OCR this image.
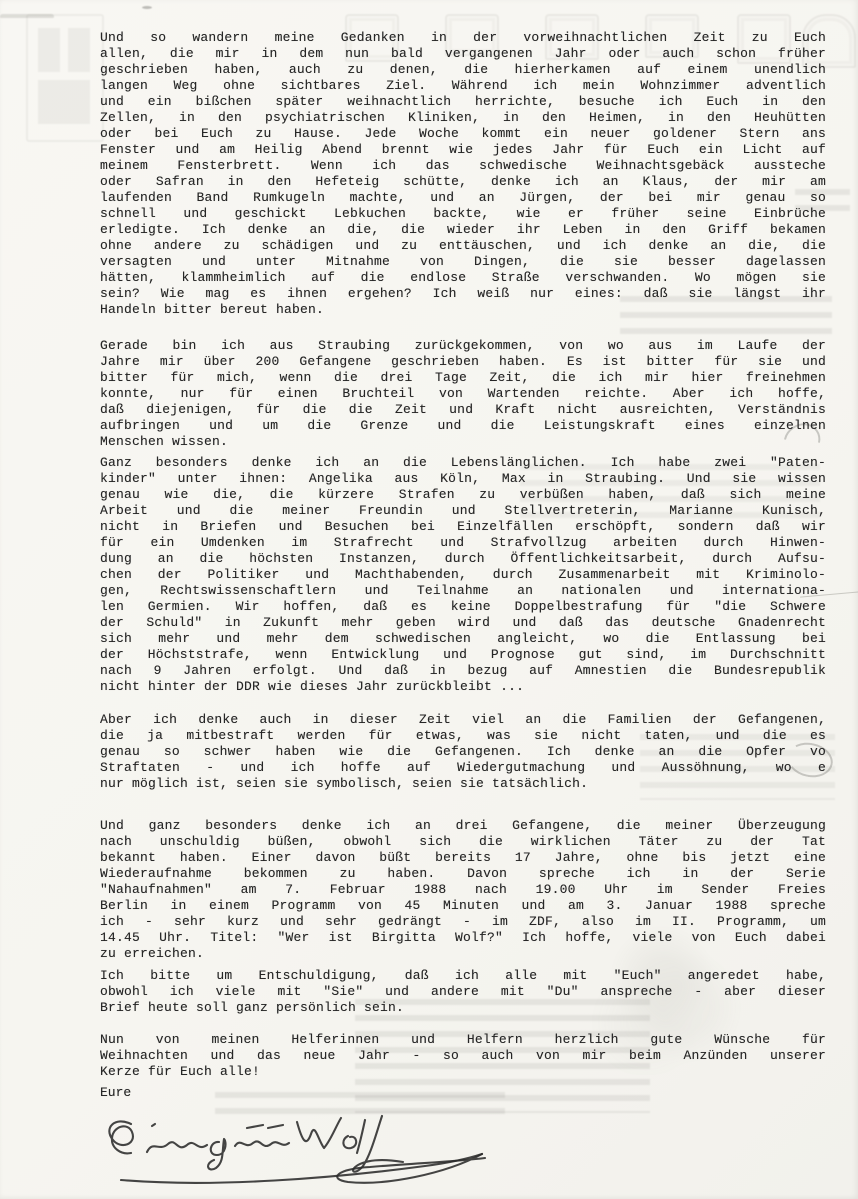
Eure
Und so wandern meine Gedanken in der vorweihnachtlichen Zeit zu Euch
allen, die mir in dem nun bald vergangenen Jahr oder auch schon früher
geschrieben haben, auch zu denen, die hierherkamen auf einem unendlich
langen Weg ohne sichtbares Ziel. Während ich mein Wohnzimmer adventlich
und ein bißchen später weihnachtlich herrichte, besuche ich Euch in den
Zellen, in den psychiatrischen Kliniken, in den Heimen, in den Heuhütten
oder bei Euch zu Hause. Jede Woche kommt ein neuer goldener Stern ans
Fenster und am Heilig Abend brennt wie jedes Jahr für Euch ein Licht auf
meinem Fensterbrett. Wenn ich das schwedische Weihnachtsgebäck aussteche
oder Safran in den Hefeteig schütte, denke ich an Klaus, der mir am
laufenden Band Rumkugeln machte, und an Jürgen, der bei mir genau so
schnell und geschickt Lebkuchen backte, wie er früher seine Einbrüche
erledigte. Ich denke an die, die wieder ihr Leben in den Griff bekamen
ohne andere zu schädigen und zu enttäuschen, und ich denke an die, die
versagten und unter Mitnahme von Dingen, die sie besser dagelassen
hätten, klammheimlich auf die endlose Straße verschwanden. Wo mögen sie
sein? Wie mag es ihnen ergehen? Ich weiß nur eines: daß sie längst ihr
Handeln bitter bereut haben.
Gerade bin ich aus Straubing zurückgekommen, von wo aus im Laufe der
Jahre mir über 200 Gefangene geschrieben haben. Es ist bitter für sie und
bitter für mich, wenn die drei Tage Zeit, die ich mir hier freinehmen
konnte, nur für einen Bruchteil von Wartenden reichte. Aber ich hoffe,
daß diejenigen, für die die Zeit und Kraft nicht ausreichten, Verständnis
aufbringen und um die Grenze und die Leistungskraft eines einzelnen
Menschen wissen.
Ganz besonders denke ich an die Lebenslänglichen. Ich habe zwei "Paten-
kinder" unter ihnen: Angelika aus Köln, Max in Straubing. Und sie wissen
genau wie die, die kürzere Strafen zu verbüßen haben, daß sich meine
Arbeit und die meiner Freundin und Stellvertreterin, Marianne Kunisch,
nicht in Briefen und Besuchen bei Einzelfällen erschöpft, sondern daß wir
für ein Umdenken im Strafrecht und Strafvollzug arbeiten durch Hinwen-
dung an die höchsten Instanzen, durch Öffentlichkeitsarbeit, durch Aufsu-
chen der Politiker und Machthabenden, durch Zusammenarbeit mit Kriminolo-
gen, Rechtswissenschaftlern und Teilnahme an nationalen und internationa-
len Germien. Wir hoffen, daß es keine Doppelbestrafung für "die Schwere
der Schuld" in Zukunft mehr geben wird und daß das deutsche Gnadenrecht
sich mehr und mehr dem schwedischen angleicht, wo die Entlassung bei
der Höchststrafe, wenn Entwicklung und Prognose gut sind, im Durchschnitt
nach 9 Jahren erfolgt. Und daß in bezug auf Amnestien die Bundesrepublik
nicht hinter der DDR wie dieses Jahr zurückbleibt ...
Aber ich denke auch in dieser Zeit viel an die Familien der Gefangenen,
die ja mitbestraft werden für etwas, was sie nicht taten, und die es
genau so schwer haben wie die Gefangenen. Ich denke an die Opfer vo
Straftaten - und ich hoffe auf Wiedergutmachung und Aussöhnung, wo e
nur möglich ist, seien sie symbolisch, seien sie tatsächlich.
Und ganz besonders denke ich an drei Gefangene, die meiner Überzeugung
nach unschuldig büßen, obwohl sich die wirklichen Täter zu der Tat
bekannt haben. Einer davon büßt bereits 17 Jahre, ohne bis jetzt eine
Wiederaufnahme bekommen zu haben. Davon spreche ich in der Serie
"Nahaufnahmen" am 7. Februar 1988 nach 19.00 Uhr im Sender Freies
Berlin in einem Programm von 45 Minuten und am 3. Januar 1988 spreche
ich - sehr kurz und sehr gedrängt - im ZDF, also im II. Programm, um
14.45 Uhr. Titel: "Wer ist Birgitta Wolf?" Ich hoffe, viele von Euch dabei
zu erreichen.
Ich bitte um Entschuldigung, daß ich alle mit "Euch" angeredet habe,
obwohl ich viele mit "Sie" und andere mit "Du" anspreche - aber dieser
Brief heute soll ganz persönlich sein.
Nun von meinen Helferinnen und Helfern herzlich gute Wünsche für
Weihnachten und das neue Jahr - so auch von mir beim Anzünden unserer
Kerze für Euch alle!
